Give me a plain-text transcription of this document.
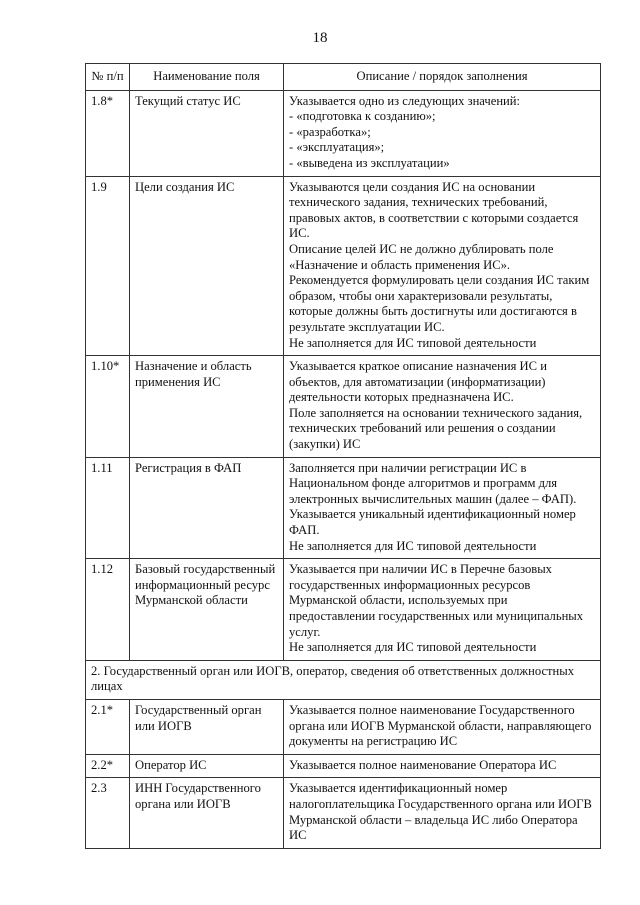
18
№ п/п	Наименование поля	Описание / порядок заполнения
1.8*	Текущий статус ИС	Указывается одно из следующих значений:
- «подготовка к созданию»;
- «разработка»;
- «эксплуатация»;
- «выведена из эксплуатации»

1.9	Цели создания ИС	Указываются цели создания ИС на основании технического задания, технических требований, правовых актов, в соответствии с которыми создается ИС.
Описание целей ИС не должно дублировать поле «Назначение и область применения ИС».
Рекомендуется формулировать цели создания ИС таким образом, чтобы они характеризовали результаты, которые должны быть достигнуты или достигаются в результате эксплуатации ИС.
Не заполняется для ИС типовой деятельности

1.10*	Назначение и область применения ИС	Указывается краткое описание назначения ИС и объектов, для автоматизации (информатизации) деятельности которых предназначена ИС.
Поле заполняется на основании технического задания, технических требований или решения о создании (закупки) ИС

1.11	Регистрация в ФАП	Заполняется при наличии регистрации ИС в Национальном фонде алгоритмов и программ для электронных вычислительных машин (далее – ФАП).
Указывается уникальный идентификационный номер ФАП.
Не заполняется для ИС типовой деятельности

1.12	Базовый государственный информационный ресурс Мурманской области	Указывается при наличии ИС в Перечне базовых государственных информационных ресурсов Мурманской области, используемых при предоставлении государственных или муниципальных услуг.
Не заполняется для ИС типовой деятельности

2. Государственный орган или ИОГВ, оператор, сведения об ответственных должностных лицах		
2.1*	Государственный орган или ИОГВ	Указывается полное наименование Государственного органа или ИОГВ Мурманской области, направляющего документы на регистрацию ИС

2.2*	Оператор ИС	Указывается полное наименование Оператора ИС

2.3	ИНН Государственного органа или ИОГВ	Указывается идентификационный номер налогоплательщика Государственного органа или ИОГВ Мурманской области – владельца ИС либо Оператора ИС
